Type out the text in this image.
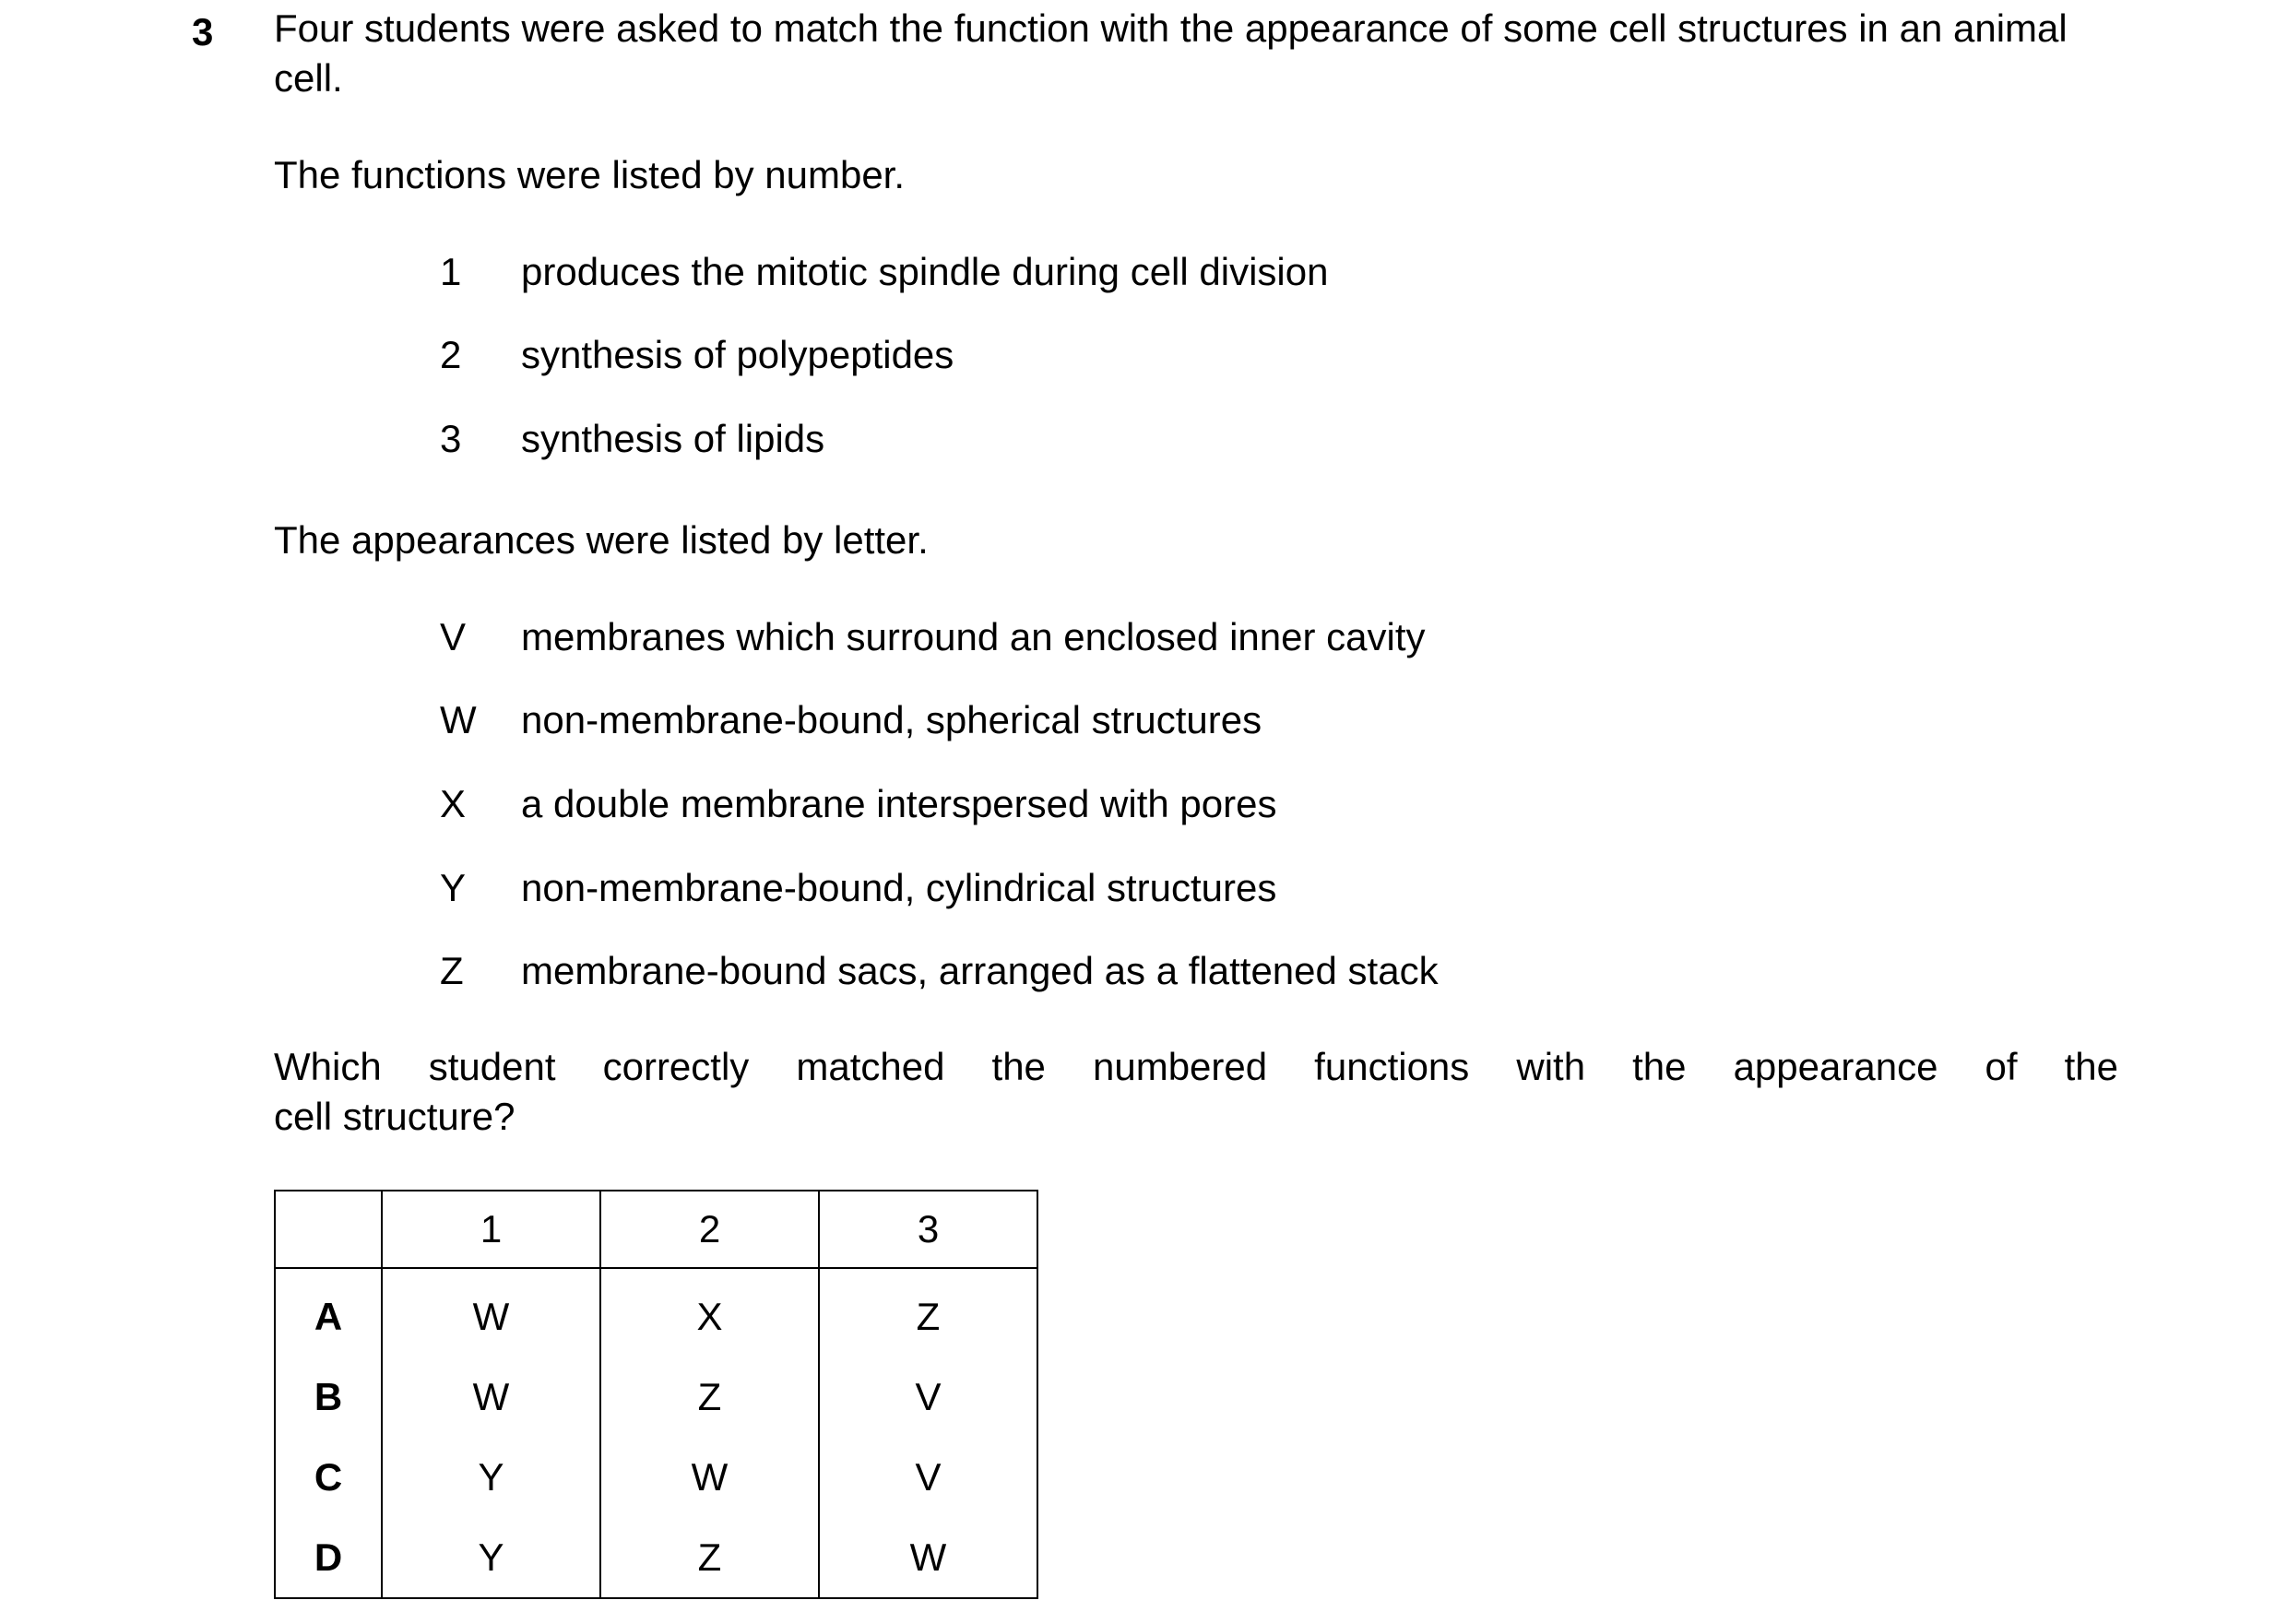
3 Four students were asked to match the function with the appearance of some cell structures in an animal cell.

The functions were listed by number.

1	produces the mitotic spindle during cell division
2	synthesis of polypeptides
3	synthesis of lipids

The appearances were listed by letter.

V	membranes which surround an enclosed inner cavity
W	non-membrane-bound, spherical structures
X	a double membrane interspersed with pores
Y	non-membrane-bound, cylindrical structures
Z	membrane-bound sacs, arranged as a flattened stack

Which student correctly matched the numbered functions with the appearance of the
cell structure?

	1	2	3
A	W	X	Z
B	W	Z	V
C	Y	W	V
D	Y	Z	W
